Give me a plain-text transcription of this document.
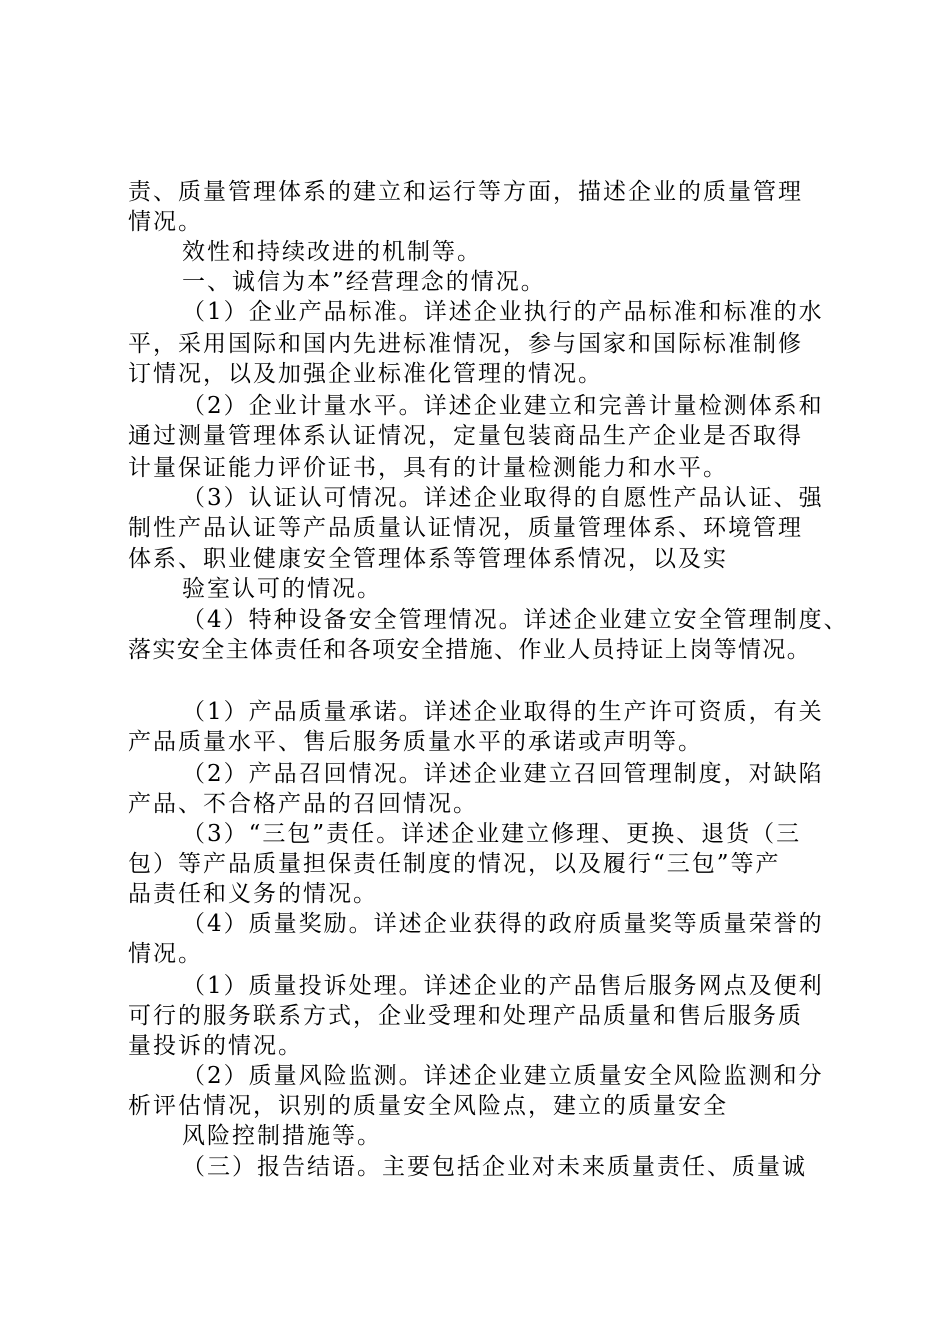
责、质量管理体系的建立和运行等方面，描述企业的质量管理
情况。
效性和持续改进的机制等。
一、诚信为本”经营理念的情况。
（1）企业产品标准。详述企业执行的产品标准和标准的水
平，采用国际和国内先进标准情况，参与国家和国际标准制修
订情况，以及加强企业标准化管理的情况。
（2）企业计量水平。详述企业建立和完善计量检测体系和
通过测量管理体系认证情况，定量包装商品生产企业是否取得
计量保证能力评价证书，具有的计量检测能力和水平。
（3）认证认可情况。详述企业取得的自愿性产品认证、强
制性产品认证等产品质量认证情况，质量管理体系、环境管理
体系、职业健康安全管理体系等管理体系情况，以及实
验室认可的情况。
（4）特种设备安全管理情况。详述企业建立安全管理制度、
落实安全主体责任和各项安全措施、作业人员持证上岗等情况。
（1）产品质量承诺。详述企业取得的生产许可资质，有关
产品质量水平、售后服务质量水平的承诺或声明等。
（2）产品召回情况。详述企业建立召回管理制度，对缺陷
产品、不合格产品的召回情况。
（3）“三包”责任。详述企业建立修理、更换、退货（三
包）等产品质量担保责任制度的情况，以及履行“三包”等产
品责任和义务的情况。
（4）质量奖励。详述企业获得的政府质量奖等质量荣誉的
情况。
（1）质量投诉处理。详述企业的产品售后服务网点及便利
可行的服务联系方式，企业受理和处理产品质量和售后服务质
量投诉的情况。
（2）质量风险监测。详述企业建立质量安全风险监测和分
析评估情况，识别的质量安全风险点，建立的质量安全
风险控制措施等。
（三）报告结语。主要包括企业对未来质量责任、质量诚
